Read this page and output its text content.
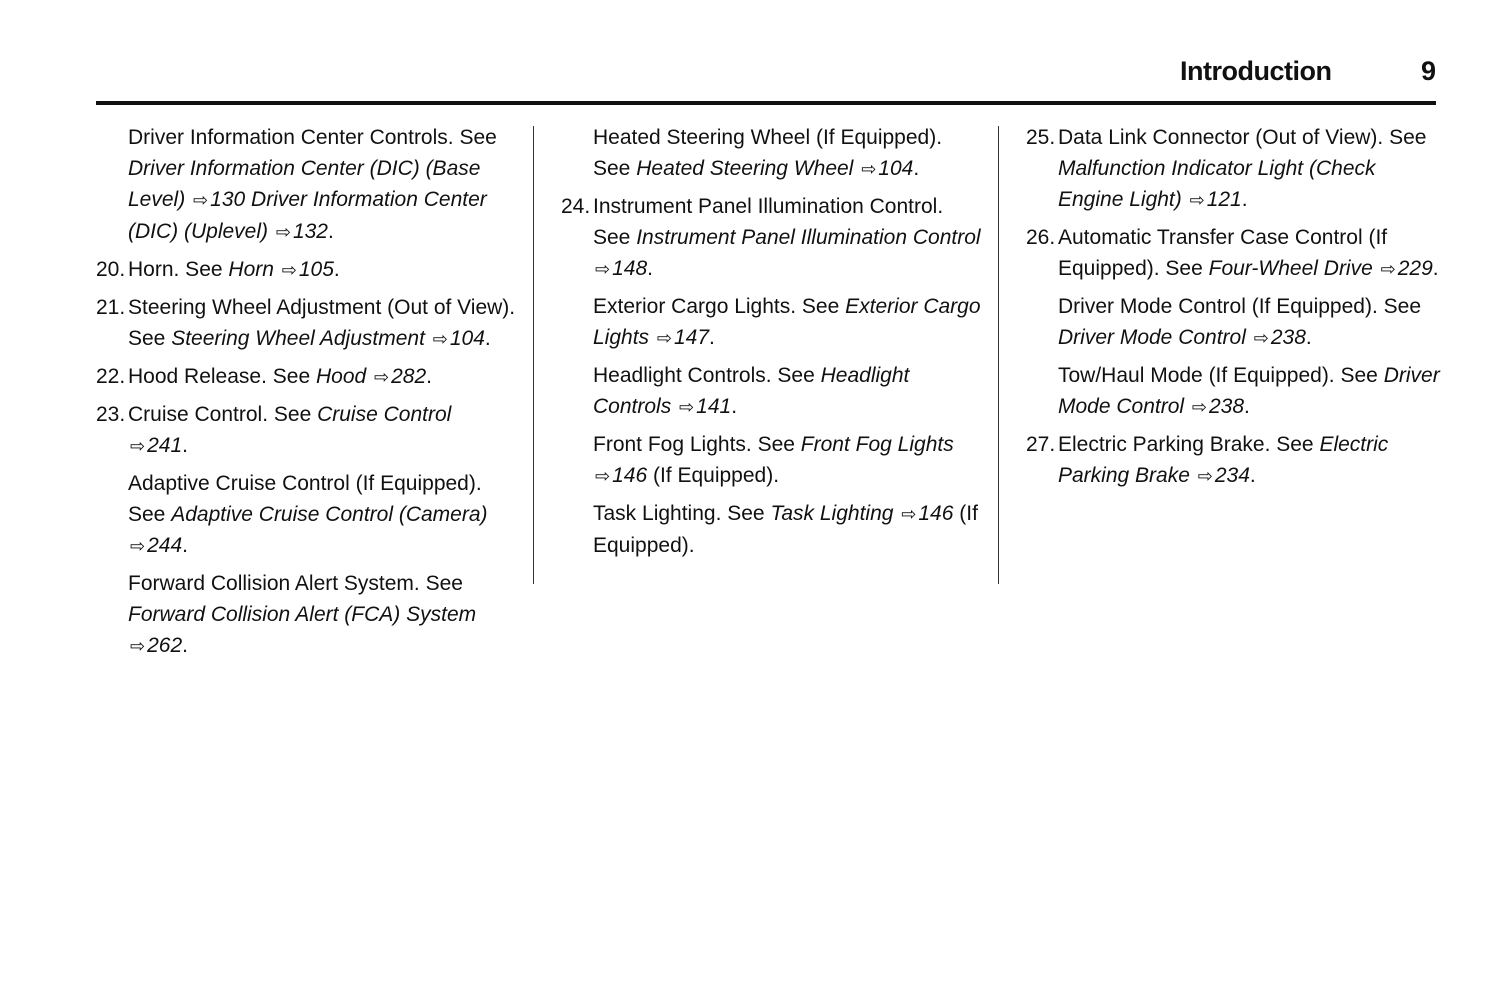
Introduction	9
Driver Information Center Controls. See Driver Information Center (DIC) (Base Level) ⇨130 Driver Information Center (DIC) (Uplevel) ⇨132.
20. Horn. See Horn ⇨105.
21. Steering Wheel Adjustment (Out of View). See Steering Wheel Adjustment ⇨104.
22. Hood Release. See Hood ⇨282.
23. Cruise Control. See Cruise Control ⇨241.
Adaptive Cruise Control (If Equipped). See Adaptive Cruise Control (Camera) ⇨244.
Forward Collision Alert System. See Forward Collision Alert (FCA) System ⇨262.
Heated Steering Wheel (If Equipped). See Heated Steering Wheel ⇨104.
24. Instrument Panel Illumination Control. See Instrument Panel Illumination Control ⇨148.
Exterior Cargo Lights. See Exterior Cargo Lights ⇨147.
Headlight Controls. See Headlight Controls ⇨141.
Front Fog Lights. See Front Fog Lights ⇨146 (If Equipped).
Task Lighting. See Task Lighting ⇨146 (If Equipped).
25. Data Link Connector (Out of View). See Malfunction Indicator Light (Check Engine Light) ⇨121.
26. Automatic Transfer Case Control (If Equipped). See Four-Wheel Drive ⇨229.
Driver Mode Control (If Equipped). See Driver Mode Control ⇨238.
Tow/Haul Mode (If Equipped). See Driver Mode Control ⇨238.
27. Electric Parking Brake. See Electric Parking Brake ⇨234.
